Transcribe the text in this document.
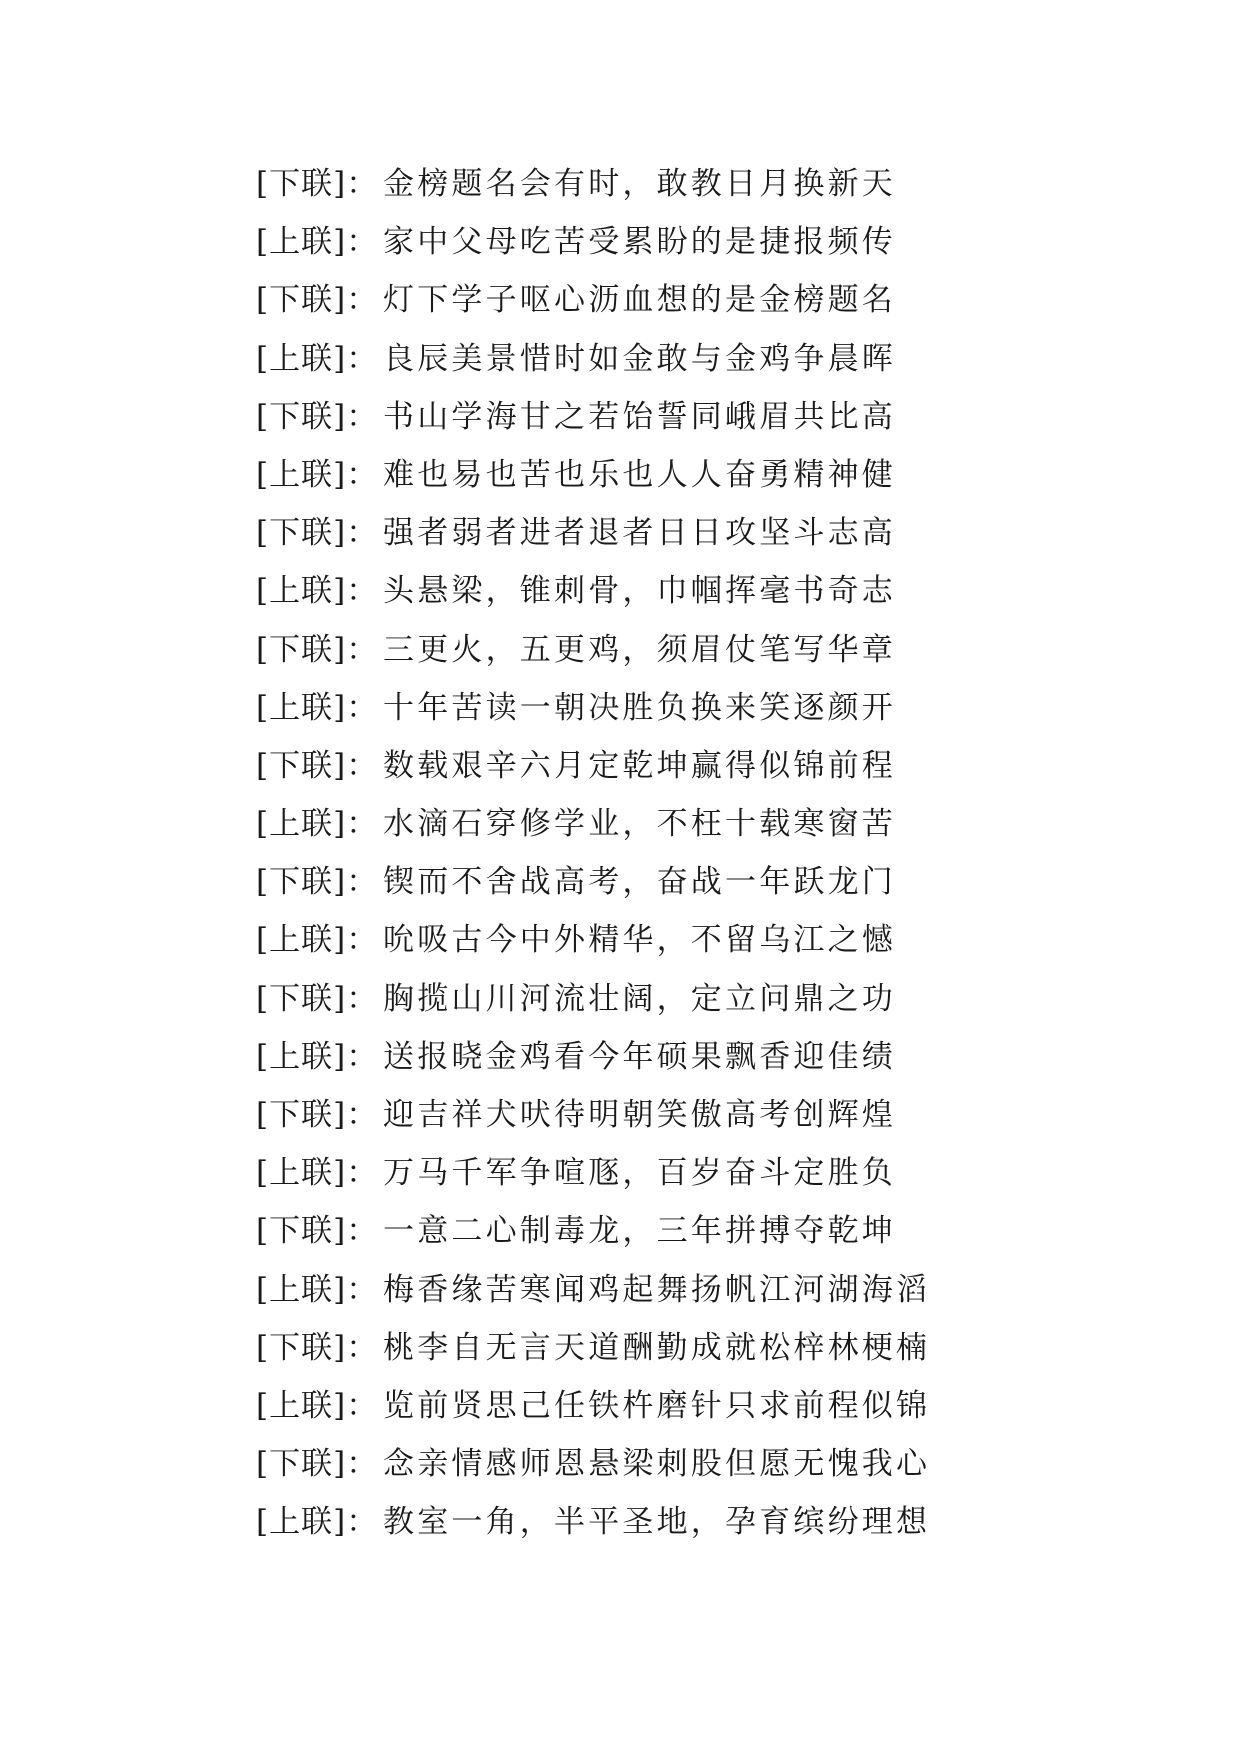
[下联]： 金榜题名会有时，敢教日月换新天
[上联]： 家中父母吃苦受累盼的是捷报频传
[下联]： 灯下学子呕心沥血想的是金榜题名
[上联]： 良辰美景惜时如金敢与金鸡争晨晖
[下联]： 书山学海甘之若饴誓同峨眉共比高
[上联]： 难也易也苦也乐也人人奋勇精神健
[下联]： 强者弱者进者退者日日攻坚斗志高
[上联]： 头悬梁，锥刺骨，巾帼挥毫书奇志
[下联]： 三更火，五更鸡，须眉仗笔写华章
[上联]： 十年苦读一朝决胜负换来笑逐颜开
[下联]： 数载艰辛六月定乾坤赢得似锦前程
[上联]： 水滴石穿修学业，不枉十载寒窗苦
[下联]： 锲而不舍战高考，奋战一年跃龙门
[上联]： 吮吸古今中外精华，不留乌江之憾
[下联]： 胸揽山川河流壮阔，定立问鼎之功
[上联]： 送报晓金鸡看今年硕果飘香迎佳绩
[下联]： 迎吉祥犬吠待明朝笑傲高考创辉煌
[上联]： 万马千军争喧豗，百岁奋斗定胜负
[下联]： 一意二心制毒龙，三年拼搏夺乾坤
[上联]： 梅香缘苦寒闻鸡起舞扬帆江河湖海滔
[下联]： 桃李自无言天道酬勤成就松梓林梗楠
[上联]： 览前贤思己任铁杵磨针只求前程似锦
[下联]： 念亲情感师恩悬梁刺股但愿无愧我心
[上联]： 教室一角，半平圣地，孕育缤纷理想
